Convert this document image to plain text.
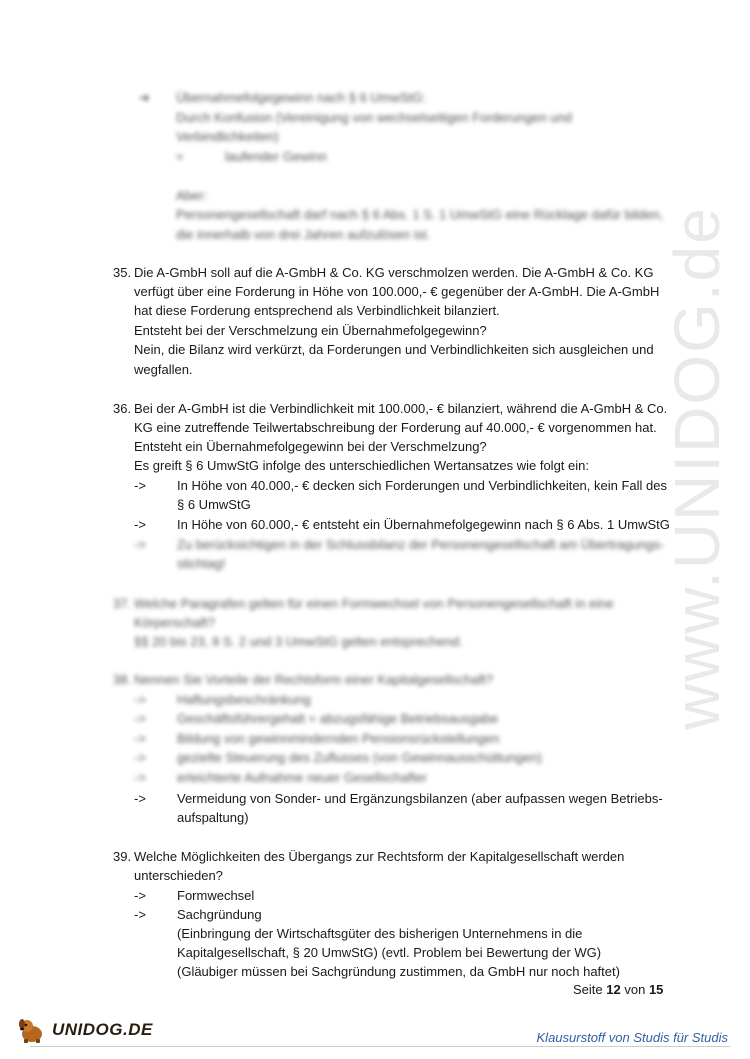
www.UNIDOG.de
➔ Übernahmefolgegewinn nach § 6 UmwStG:
Durch Konfusion (Vereinigung von wechselseitigen Forderungen und
Verbindlichkeiten)
=	laufender Gewinn
Aber:
Personengesellschaft darf nach § 6 Abs. 1 S. 1 UmwStG eine Rücklage dafür bilden,
die innerhalb von drei Jahren aufzulösen ist.
35. Die A-GmbH soll auf die A-GmbH & Co. KG verschmolzen werden. Die A-GmbH & Co. KG
verfügt über eine Forderung in Höhe von 100.000,- € gegenüber der A-GmbH. Die A-GmbH
hat diese Forderung entsprechend als Verbindlichkeit bilanziert.
Entsteht bei der Verschmelzung ein Übernahmefolgegewinn?
Nein, die Bilanz wird verkürzt, da Forderungen und Verbindlichkeiten sich ausgleichen und
wegfallen.
36. Bei der A-GmbH ist die Verbindlichkeit mit 100.000,- € bilanziert, während die A-GmbH & Co.
KG eine zutreffende Teilwertabschreibung der Forderung auf 40.000,- € vorgenommen hat.
Entsteht ein Übernahmefolgegewinn bei der Verschmelzung?
Es greift § 6 UmwStG infolge des unterschiedlichen Wertansatzes wie folgt ein:
-> In Höhe von 40.000,- € decken sich Forderungen und Verbindlichkeiten, kein Fall des
§ 6 UmwStG
-> In Höhe von 60.000,- € entsteht ein Übernahmefolgegewinn nach § 6 Abs. 1 UmwStG
-> Zu berücksichtigen in der Schlussbilanz der Personengesellschaft am Übertragungs-
stichtag!
37. Welche Paragrafen gelten für einen Formwechsel von Personengesellschaft in eine
Körperschaft?
§§ 20 bis 23, 9 S. 2 und 3 UmwStG gelten entsprechend.
38. Nennen Sie Vorteile der Rechtsform einer Kapitalgesellschaft?
-> Haftungsbeschränkung
-> Geschäftsführergehalt = abzugsfähige Betriebsausgabe
-> Bildung von gewinnmindernden Pensionsrückstellungen
-> gezielte Steuerung des Zuflusses (von Gewinnausschüttungen)
-> erleichterte Aufnahme neuer Gesellschafter
-> Vermeidung von Sonder- und Ergänzungsbilanzen (aber aufpassen wegen Betriebs-
aufspaltung)
39. Welche Möglichkeiten des Übergangs zur Rechtsform der Kapitalgesellschaft werden
unterschieden?
-> Formwechsel
-> Sachgründung
(Einbringung der Wirtschaftsgüter des bisherigen Unternehmens in die
Kapitalgesellschaft, § 20 UmwStG) (evtl. Problem bei Bewertung der WG)
(Gläubiger müssen bei Sachgründung zustimmen, da GmbH nur noch haftet)
Seite 12 von 15
UNIDOG.DE	Klausurstoff von Studis für Studis
